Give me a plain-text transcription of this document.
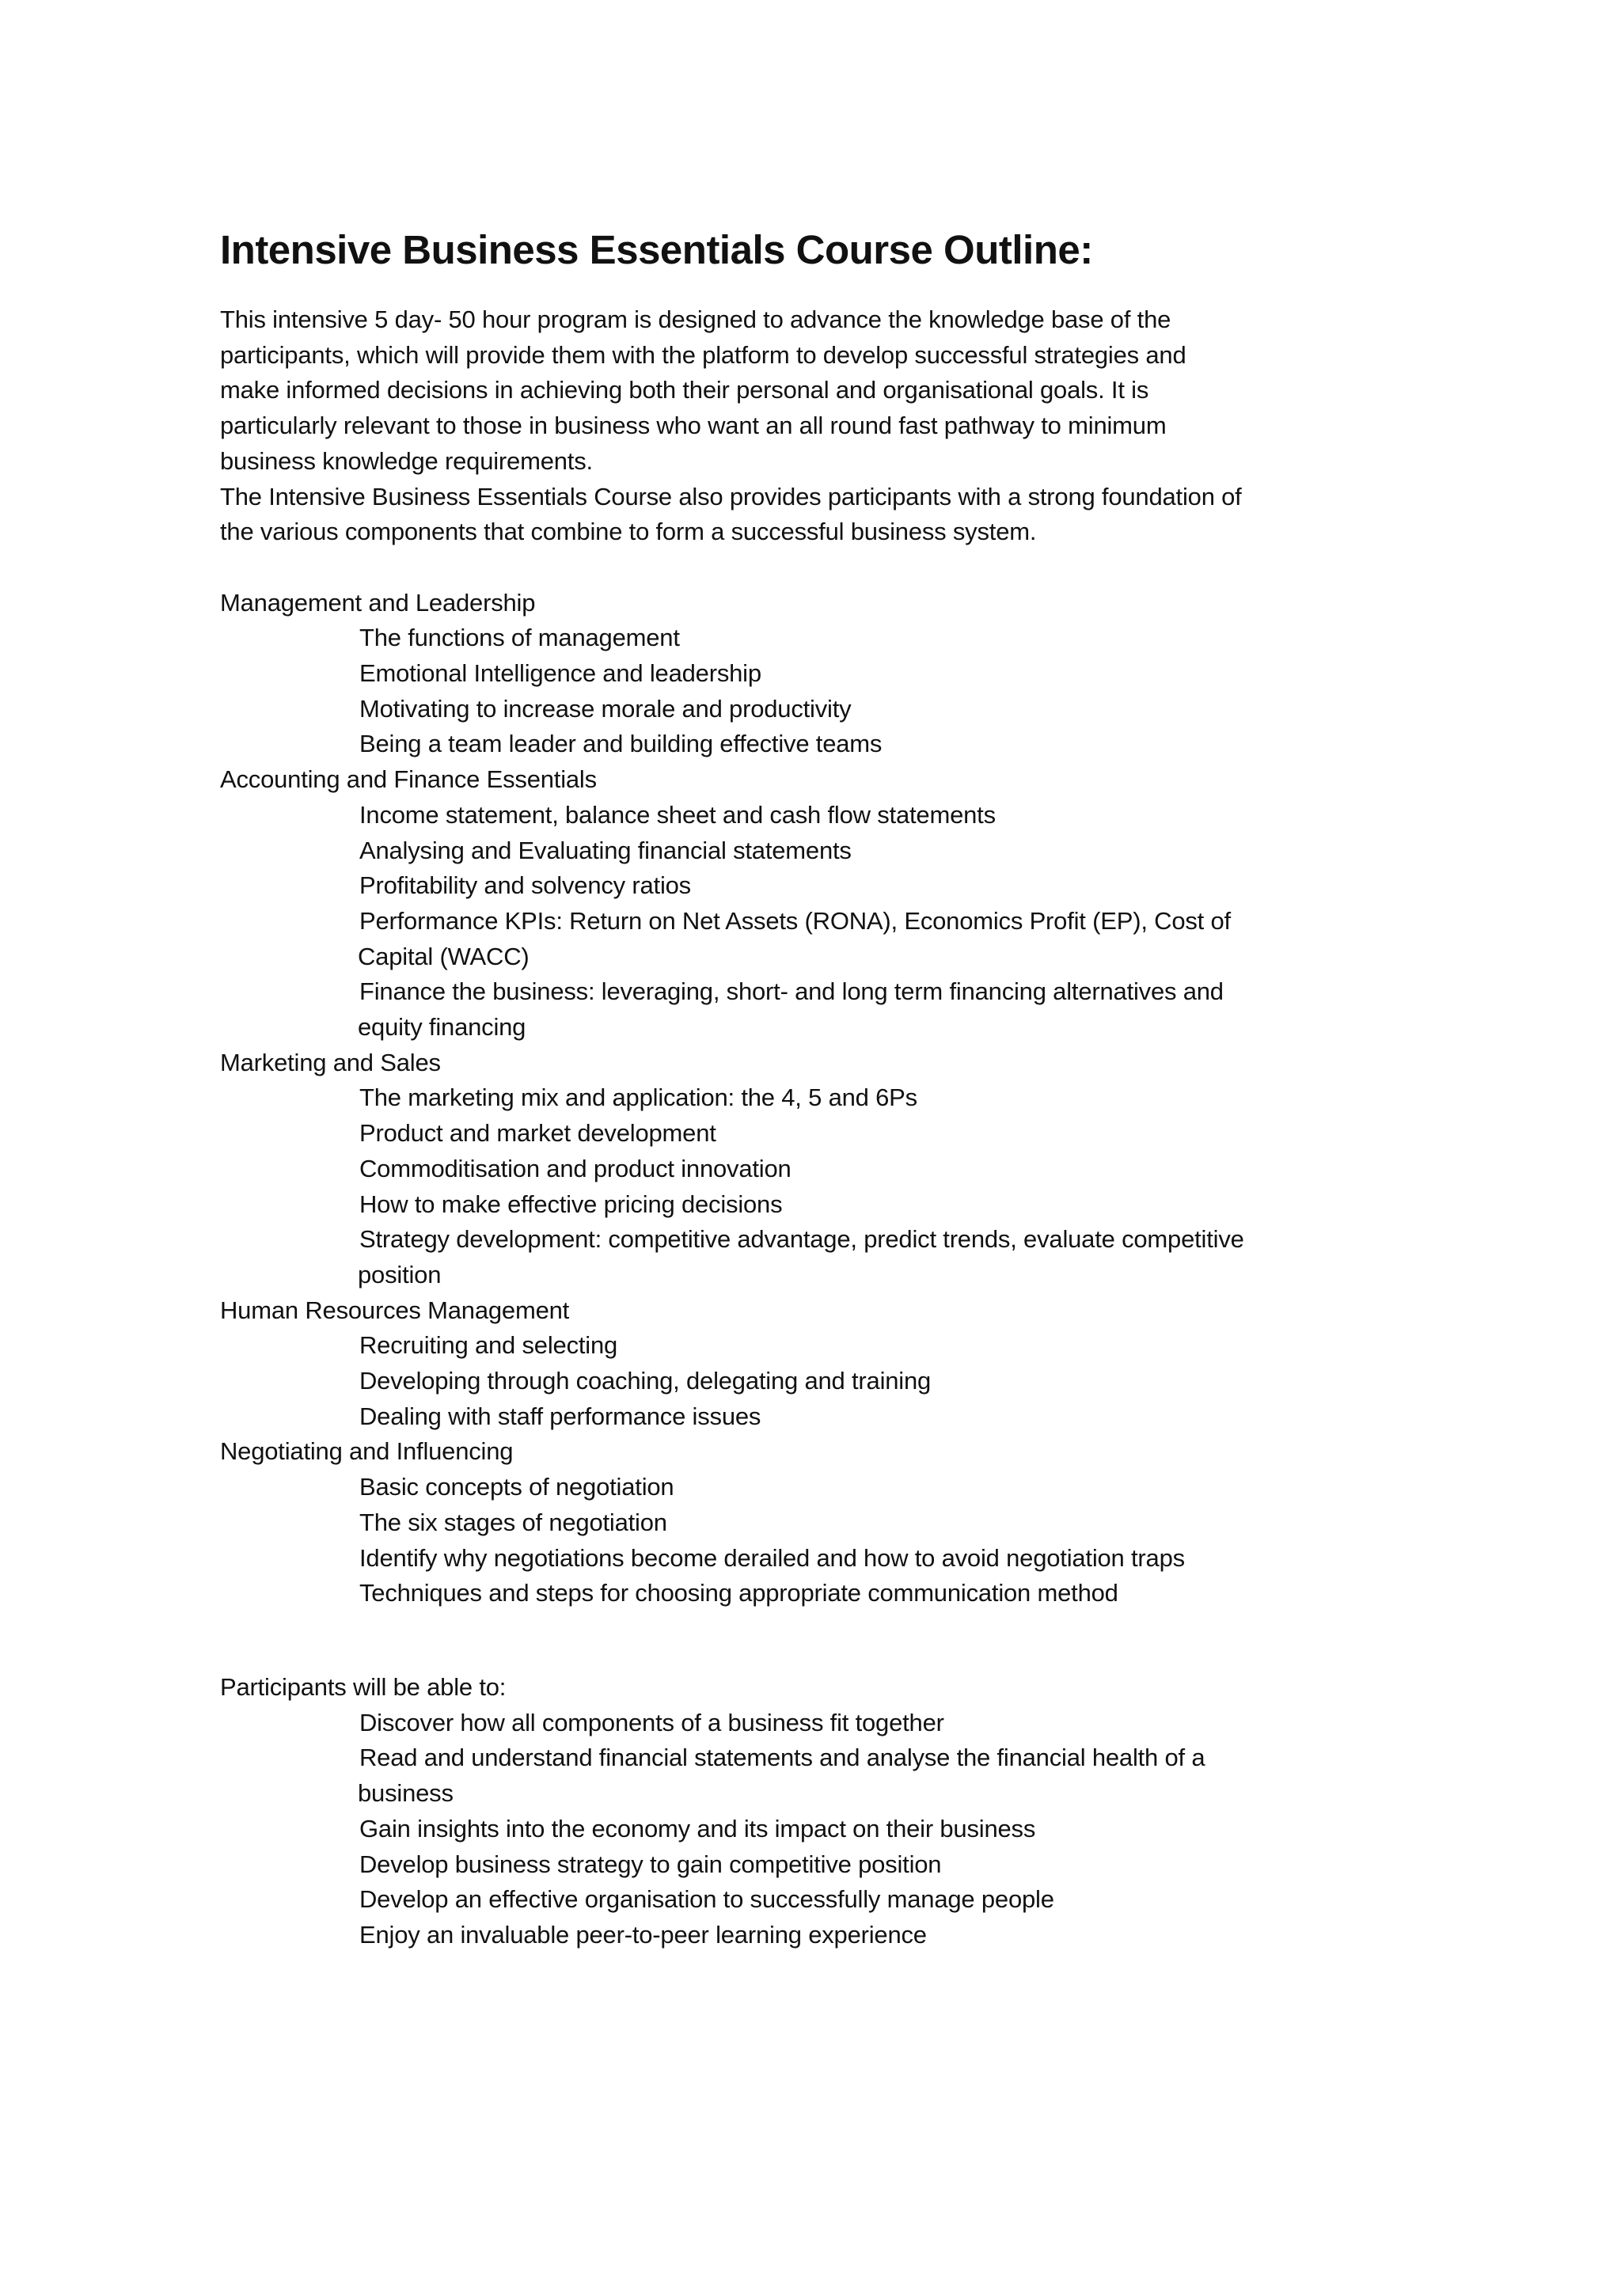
Intensive Business Essentials Course Outline:
This intensive 5 day- 50 hour program is designed to advance the knowledge base of the
participants, which will provide them with the platform to develop successful strategies and
make informed decisions in achieving both their personal and organisational goals. It is
particularly relevant to those in business who want an all round fast pathway to minimum
business knowledge requirements.
The Intensive Business Essentials Course also provides participants with a strong foundation of
the various components that combine to form a successful business system.
Management and Leadership
The functions of management
Emotional Intelligence and leadership
Motivating to increase morale and productivity
Being a team leader and building effective teams
Accounting and Finance Essentials
Income statement, balance sheet and cash flow statements
Analysing and Evaluating financial statements
Profitability and solvency ratios
Performance KPIs: Return on Net Assets (RONA), Economics Profit (EP), Cost of
Capital (WACC)
Finance the business: leveraging, short- and long term financing alternatives and
equity financing
Marketing and Sales
The marketing mix and application: the 4, 5 and 6Ps
Product and market development
Commoditisation and product innovation
How to make effective pricing decisions
Strategy development: competitive advantage, predict trends, evaluate competitive
position
Human Resources Management
Recruiting and selecting
Developing through coaching, delegating and training
Dealing with staff performance issues
Negotiating and Influencing
Basic concepts of negotiation
The six stages of negotiation
Identify why negotiations become derailed and how to avoid negotiation traps
Techniques and steps for choosing appropriate communication method
Participants will be able to:
Discover how all components of a business fit together
Read and understand financial statements and analyse the financial health of a
business
Gain insights into the economy and its impact on their business
Develop business strategy to gain competitive position
Develop an effective organisation to successfully manage people
Enjoy an invaluable peer-to-peer learning experience
